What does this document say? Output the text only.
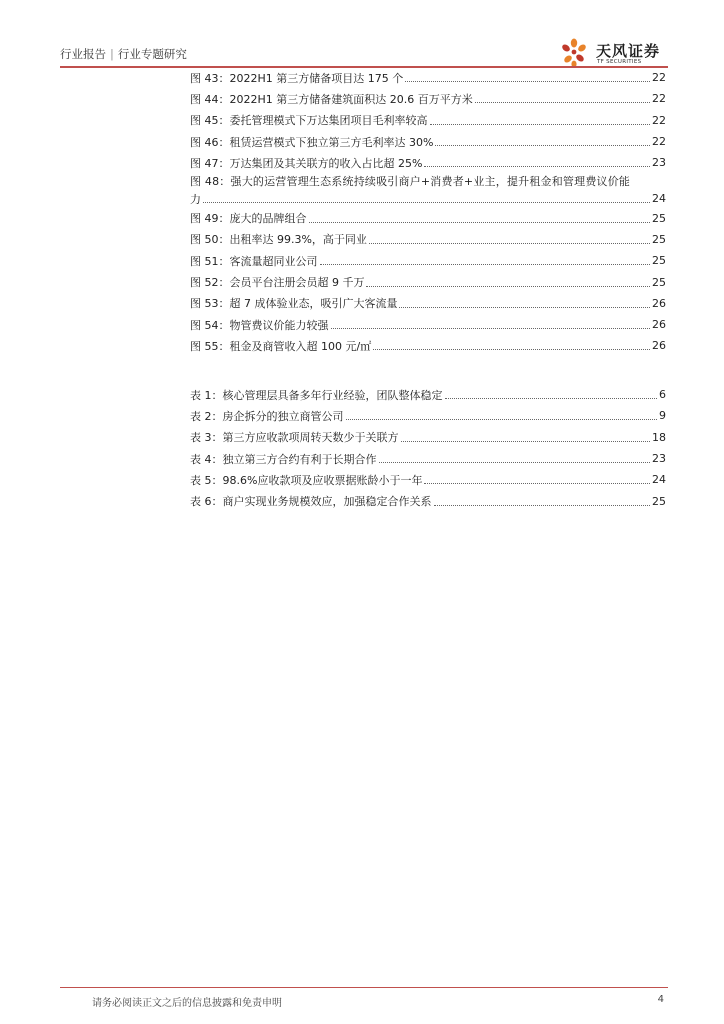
行业报告 | 行业专题研究	天风证券
TF SECURITIES
图 43：2022H1 第三方储备项目达 175 个	22
图 44：2022H1 第三方储备建筑面积达 20.6 百万平方米	22
图 45：委托管理模式下万达集团项目毛利率较高	22
图 46：租赁运营模式下独立第三方毛利率达 30%	22
图 47：万达集团及其关联方的收入占比超 25%	23
图 48：强大的运营管理生态系统持续吸引商户+消费者+业主，提升租金和管理费议价能
力	24
图 49：庞大的品牌组合	25
图 50：出租率达 99.3%，高于同业	25
图 51：客流量超同业公司	25
图 52：会员平台注册会员超 9 千万	25
图 53：超 7 成体验业态，吸引广大客流量	26
图 54：物管费议价能力较强	26
图 55：租金及商管收入超 100 元/㎡	26
表 1：核心管理层具备多年行业经验，团队整体稳定	6
表 2：房企拆分的独立商管公司	9
表 3：第三方应收款项周转天数少于关联方	18
表 4：独立第三方合约有利于长期合作	23
表 5：98.6%应收款项及应收票据账龄小于一年	24
表 6：商户实现业务规模效应，加强稳定合作关系	25
请务必阅读正文之后的信息披露和免责申明	4
